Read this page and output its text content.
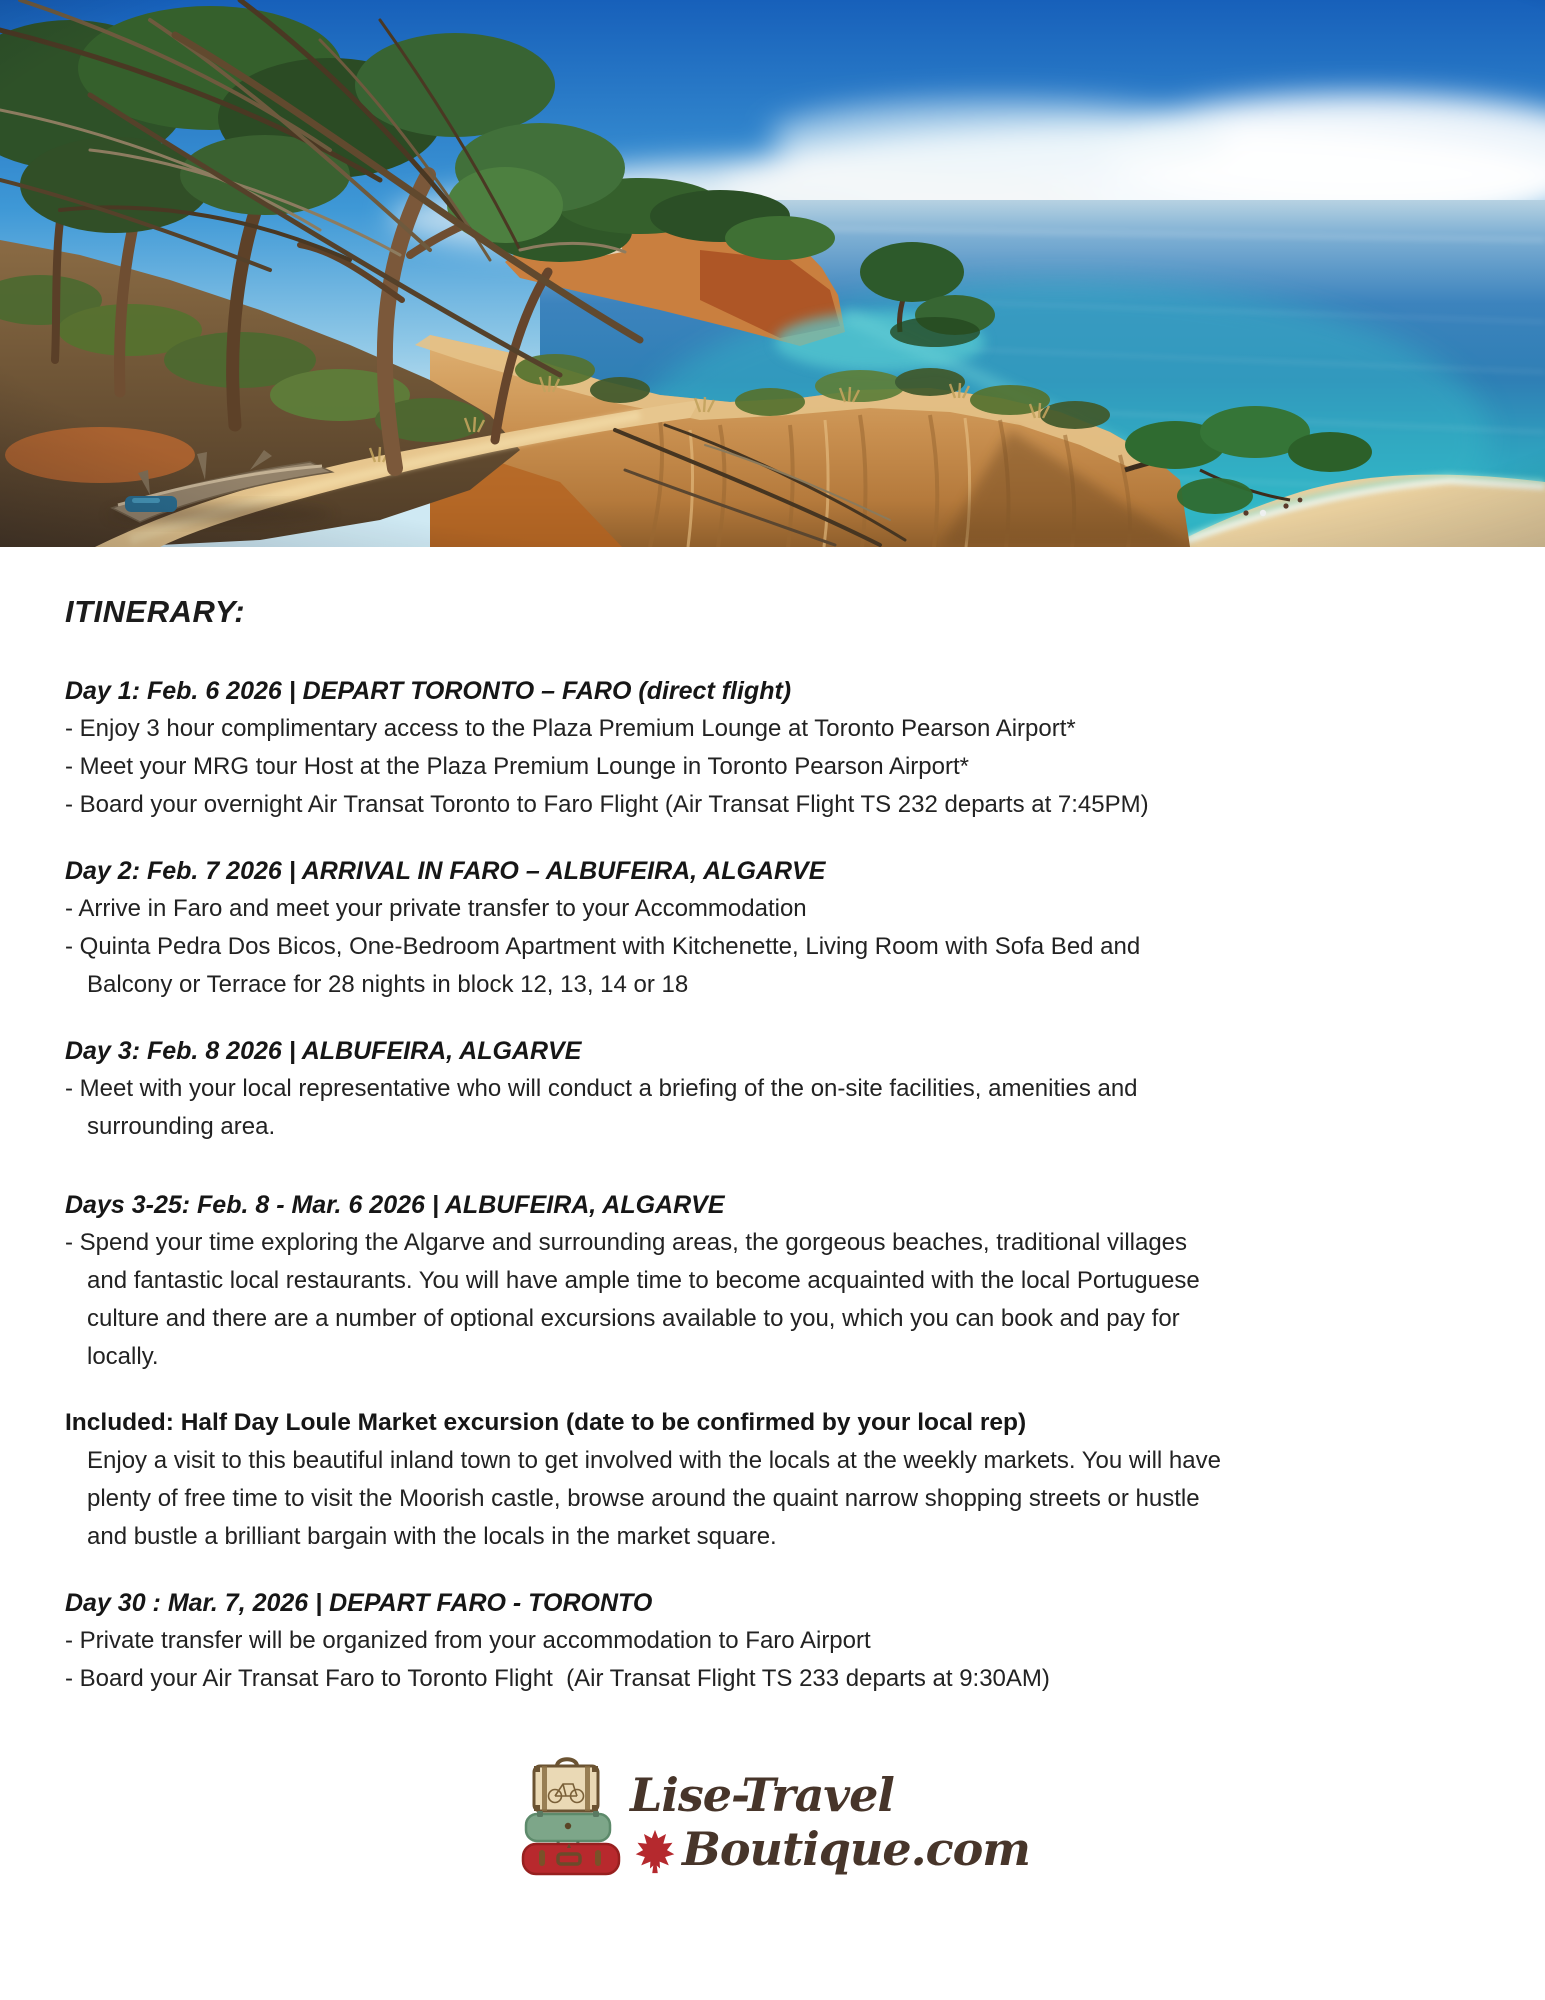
ITINERARY:
Day 1: Feb. 6 2026 | DEPART TORONTO – FARO (direct flight)
- Enjoy 3 hour complimentary access to the Plaza Premium Lounge at Toronto Pearson Airport*
- Meet your MRG tour Host at the Plaza Premium Lounge in Toronto Pearson Airport*
- Board your overnight Air Transat Toronto to Faro Flight (Air Transat Flight TS 232 departs at 7:45PM)
Day 2: Feb. 7 2026 | ARRIVAL IN FARO – ALBUFEIRA, ALGARVE
- Arrive in Faro and meet your private transfer to your Accommodation
- Quinta Pedra Dos Bicos, One-Bedroom Apartment with Kitchenette, Living Room with Sofa Bed and
Balcony or Terrace for 28 nights in block 12, 13, 14 or 18
Day 3: Feb. 8 2026 | ALBUFEIRA, ALGARVE
- Meet with your local representative who will conduct a briefing of the on-site facilities, amenities and
surrounding area.
Days 3-25: Feb. 8 - Mar. 6 2026 | ALBUFEIRA, ALGARVE
- Spend your time exploring the Algarve and surrounding areas, the gorgeous beaches, traditional villages
and fantastic local restaurants. You will have ample time to become acquainted with the local Portuguese
culture and there are a number of optional excursions available to you, which you can book and pay for
locally.
Included: Half Day Loule Market excursion (date to be confirmed by your local rep)
Enjoy a visit to this beautiful inland town to get involved with the locals at the weekly markets. You will have
plenty of free time to visit the Moorish castle, browse around the quaint narrow shopping streets or hustle
and bustle a brilliant bargain with the locals in the market square.
Day 30 : Mar. 7, 2026 | DEPART FARO - TORONTO
- Private transfer will be organized from your accommodation to Faro Airport
- Board your Air Transat Faro to Toronto Flight  (Air Transat Flight TS 233 departs at 9:30AM)
Lise-Travel
Boutique.com
